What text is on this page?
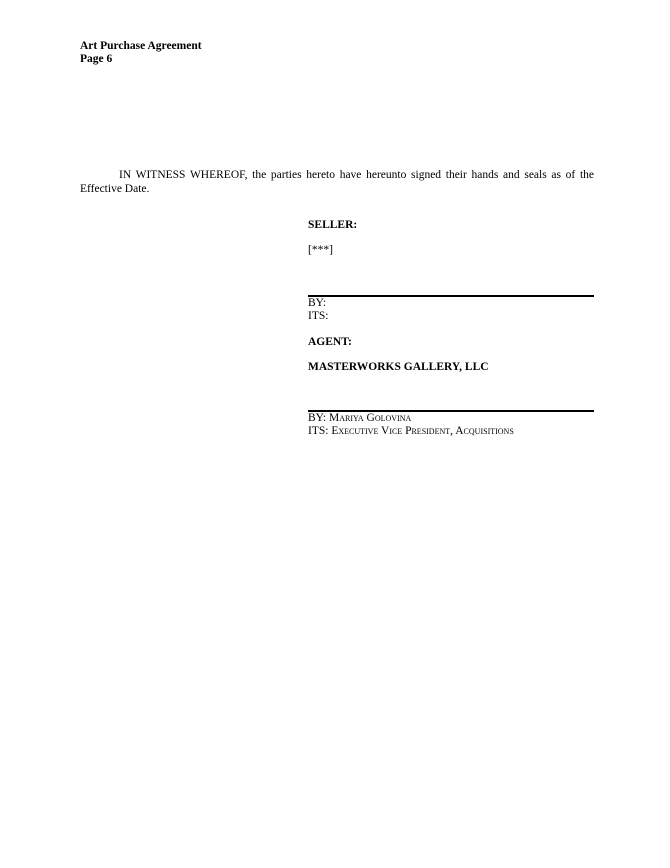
Art Purchase Agreement
Page 6
IN WITNESS WHEREOF, the parties hereto have hereunto signed their hands and seals as of the Effective Date.
SELLER:
[***]
BY:
ITS:
AGENT:
MASTERWORKS GALLERY, LLC
BY: Mariya Golovina
ITS: Executive Vice President, Acquisitions
